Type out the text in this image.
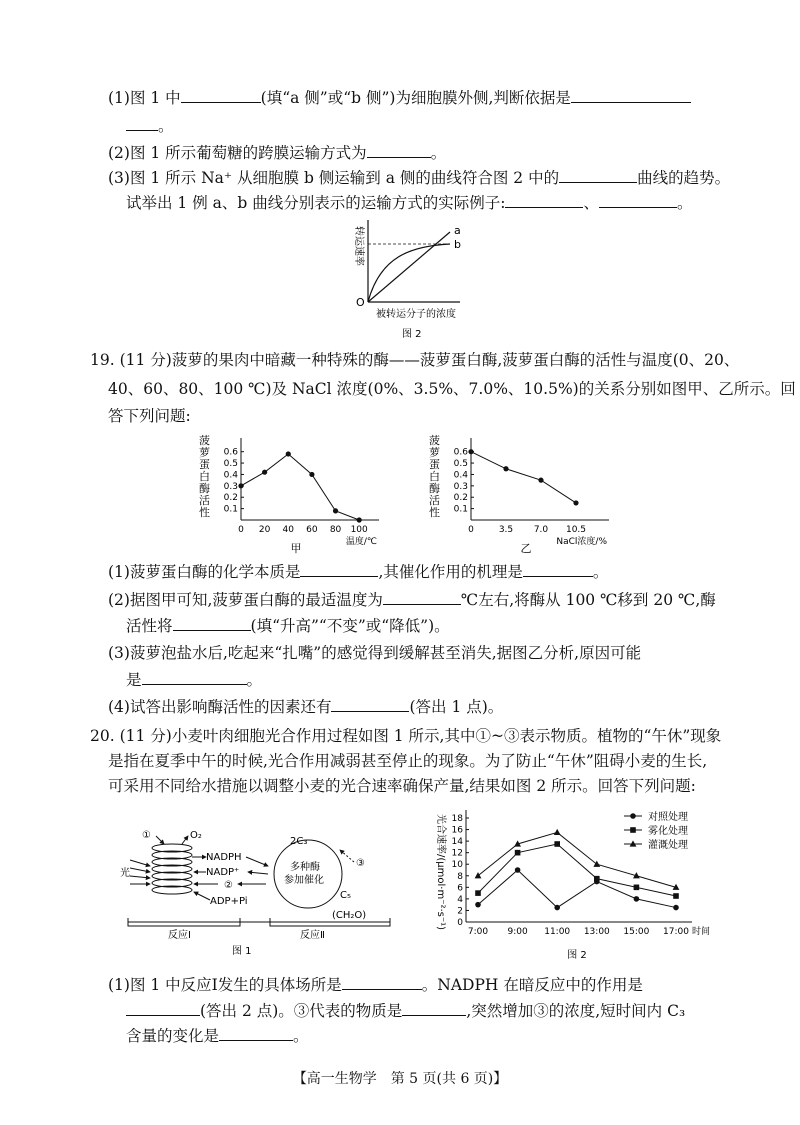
(1)图 1 中	(填“a 侧”或“b 侧”)为细胞膜外侧,判断依据是
。
(2)图 1 所示葡萄糖的跨膜运输方式为	。
(3)图 1 所示 Na⁺ 从细胞膜 b 侧运输到 a 侧的曲线符合图 2 中的	曲线的趋势。
试举出 1 例 a、b 曲线分别表示的运输方式的实际例子:	、	。
转运速率
O
a
b
被转运分子的浓度
图 2
19. (11 分)菠萝的果肉中暗藏一种特殊的酶——菠萝蛋白酶,菠萝蛋白酶的活性与温度(0、20、
40、60、80、100 ℃)及 NaCl 浓度(0%、3.5%、7.0%、10.5%)的关系分别如图甲、乙所示。回
答下列问题:
菠萝蛋白酶活性 0.1
0.2
0.3
0.4
0.5
0.6
0 20 40 60 80 100
温度/℃
甲
菠萝蛋白酶活性 0.1
0.2
0.3
0.4
0.5
0.6
0	3.5 7.0 10.5
NaCl浓度/%
乙
(1)菠萝蛋白酶的化学本质是	,其催化作用的机理是	。
(2)据图甲可知,菠萝蛋白酶的最适温度为	℃左右,将酶从 100 ℃移到 20 ℃,酶
活性将	(填“升高”“不变”或“降低”)。
(3)菠萝泡盐水后,吃起来“扎嘴”的感觉得到缓解甚至消失,据图乙分析,原因可能
是	。
(4)试答出影响酶活性的因素还有	(答出 1 点)。
20. (11 分)小麦叶肉细胞光合作用过程如图 1 所示,其中①~③表示物质。植物的“午休”现象
是指在夏季中午的时候,光合作用减弱甚至停止的现象。为了防止“午休”阻碍小麦的生长,
可采用不同给水措施以调整小麦的光合速率确保产量,结果如图 2 所示。回答下列问题:
①	O₂
光
NADPH
NADP⁺
②
ADP+Pi
2C₃
多种酶
参加催化
③
C₅
(CH₂O)
反应Ⅰ	反应Ⅱ
图 1
光合速率/(μmol·m⁻²·s⁻¹) 0
2
4
6
8
10
12
14
16
18
7:00 9:00 11:00 13:00 15:00 17:00 时间
图 2
对照处理
雾化处理
灌溉处理
(1)图 1 中反应Ⅰ发生的具体场所是	。NADPH 在暗反应中的作用是
(答出 2 点)。③代表的物质是	,突然增加③的浓度,短时间内 C₃
含量的变化是	。
【高一生物学　第 5 页(共 6 页)】
